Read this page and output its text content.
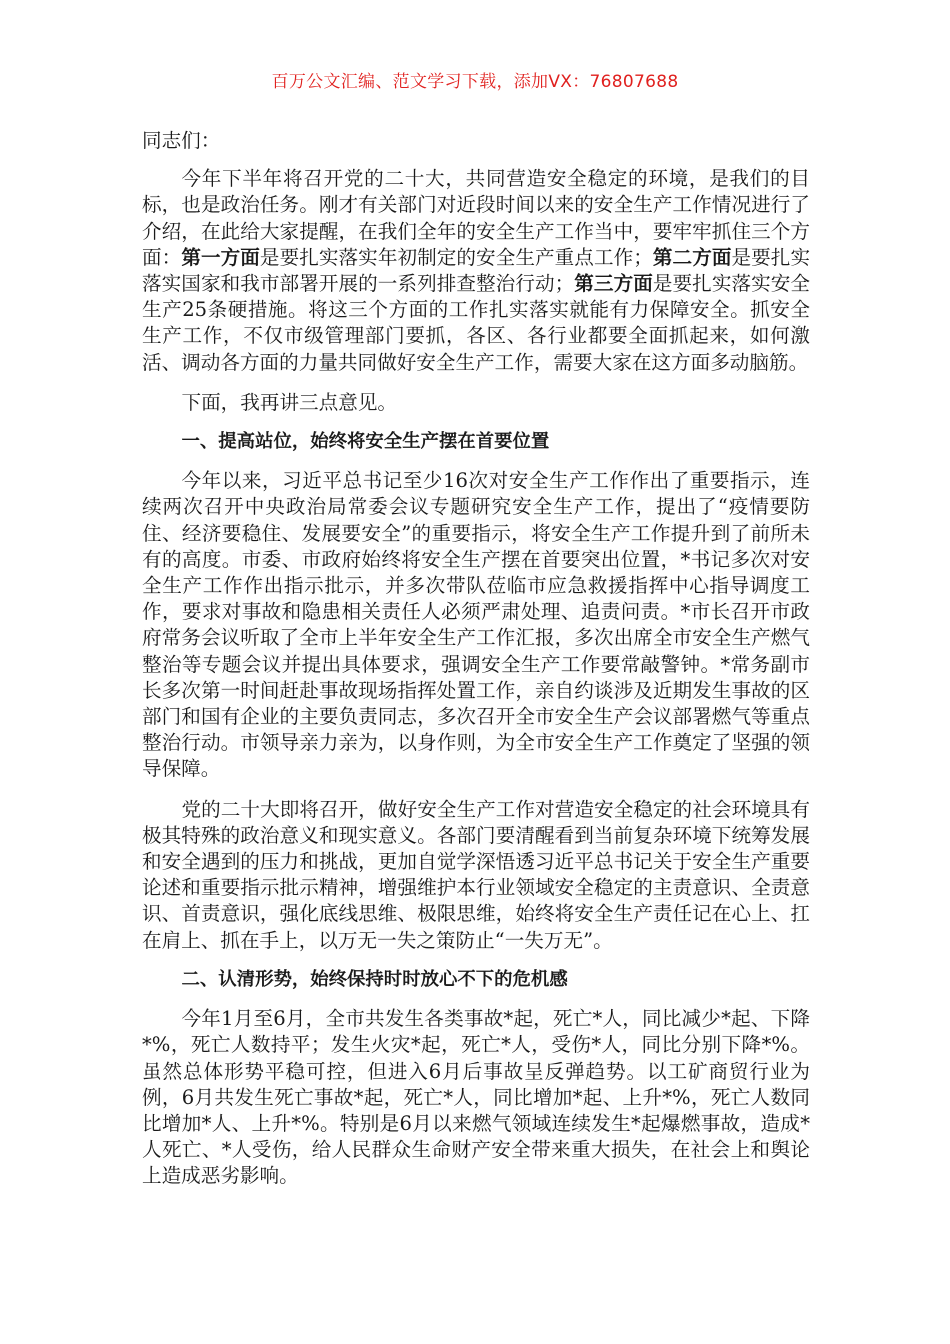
百万公文汇编、范文学习下载，添加VX：76807688

同志们：

今年下半年将召开党的二十大，共同营造安全稳定的环境，是我们的目标，也是政治任务。刚才有关部门对近段时间以来的安全生产工作情况进行了介绍，在此给大家提醒，在我们全年的安全生产工作当中，要牢牢抓住三个方面：第一方面是要扎实落实年初制定的安全生产重点工作；第二方面是要扎实落实国家和我市部署开展的一系列排查整治行动；第三方面是要扎实落实安全生产25条硬措施。将这三个方面的工作扎实落实就能有力保障安全。抓安全生产工作，不仅市级管理部门要抓，各区、各行业都要全面抓起来，如何激活、调动各方面的力量共同做好安全生产工作，需要大家在这方面多动脑筋。

下面，我再讲三点意见。

一、提高站位，始终将安全生产摆在首要位置

今年以来，习近平总书记至少16次对安全生产工作作出了重要指示，连续两次召开中央政治局常委会议专题研究安全生产工作，提出了“疫情要防住、经济要稳住、发展要安全”的重要指示，将安全生产工作提升到了前所未有的高度。市委、市政府始终将安全生产摆在首要突出位置，*书记多次对安全生产工作作出指示批示，并多次带队莅临市应急救援指挥中心指导调度工作，要求对事故和隐患相关责任人必须严肃处理、追责问责。*市长召开市政府常务会议听取了全市上半年安全生产工作汇报，多次出席全市安全生产燃气整治等专题会议并提出具体要求，强调安全生产工作要常敲警钟。*常务副市长多次第一时间赶赴事故现场指挥处置工作，亲自约谈涉及近期发生事故的区部门和国有企业的主要负责同志，多次召开全市安全生产会议部署燃气等重点整治行动。市领导亲力亲为，以身作则，为全市安全生产工作奠定了坚强的领导保障。

党的二十大即将召开，做好安全生产工作对营造安全稳定的社会环境具有极其特殊的政治意义和现实意义。各部门要清醒看到当前复杂环境下统筹发展和安全遇到的压力和挑战，更加自觉学深悟透习近平总书记关于安全生产重要论述和重要指示批示精神，增强维护本行业领域安全稳定的主责意识、全责意识、首责意识，强化底线思维、极限思维，始终将安全生产责任记在心上、扛在肩上、抓在手上，以万无一失之策防止“一失万无”。

二、认清形势，始终保持时时放心不下的危机感

今年1月至6月，全市共发生各类事故*起，死亡*人，同比减少*起、下降*%，死亡人数持平；发生火灾*起，死亡*人，受伤*人，同比分别下降*%。虽然总体形势平稳可控，但进入6月后事故呈反弹趋势。以工矿商贸行业为例，6月共发生死亡事故*起，死亡*人，同比增加*起、上升*%，死亡人数同比增加*人、上升*%。特别是6月以来燃气领域连续发生*起爆燃事故，造成*人死亡、*人受伤，给人民群众生命财产安全带来重大损失，在社会上和舆论上造成恶劣影响。
